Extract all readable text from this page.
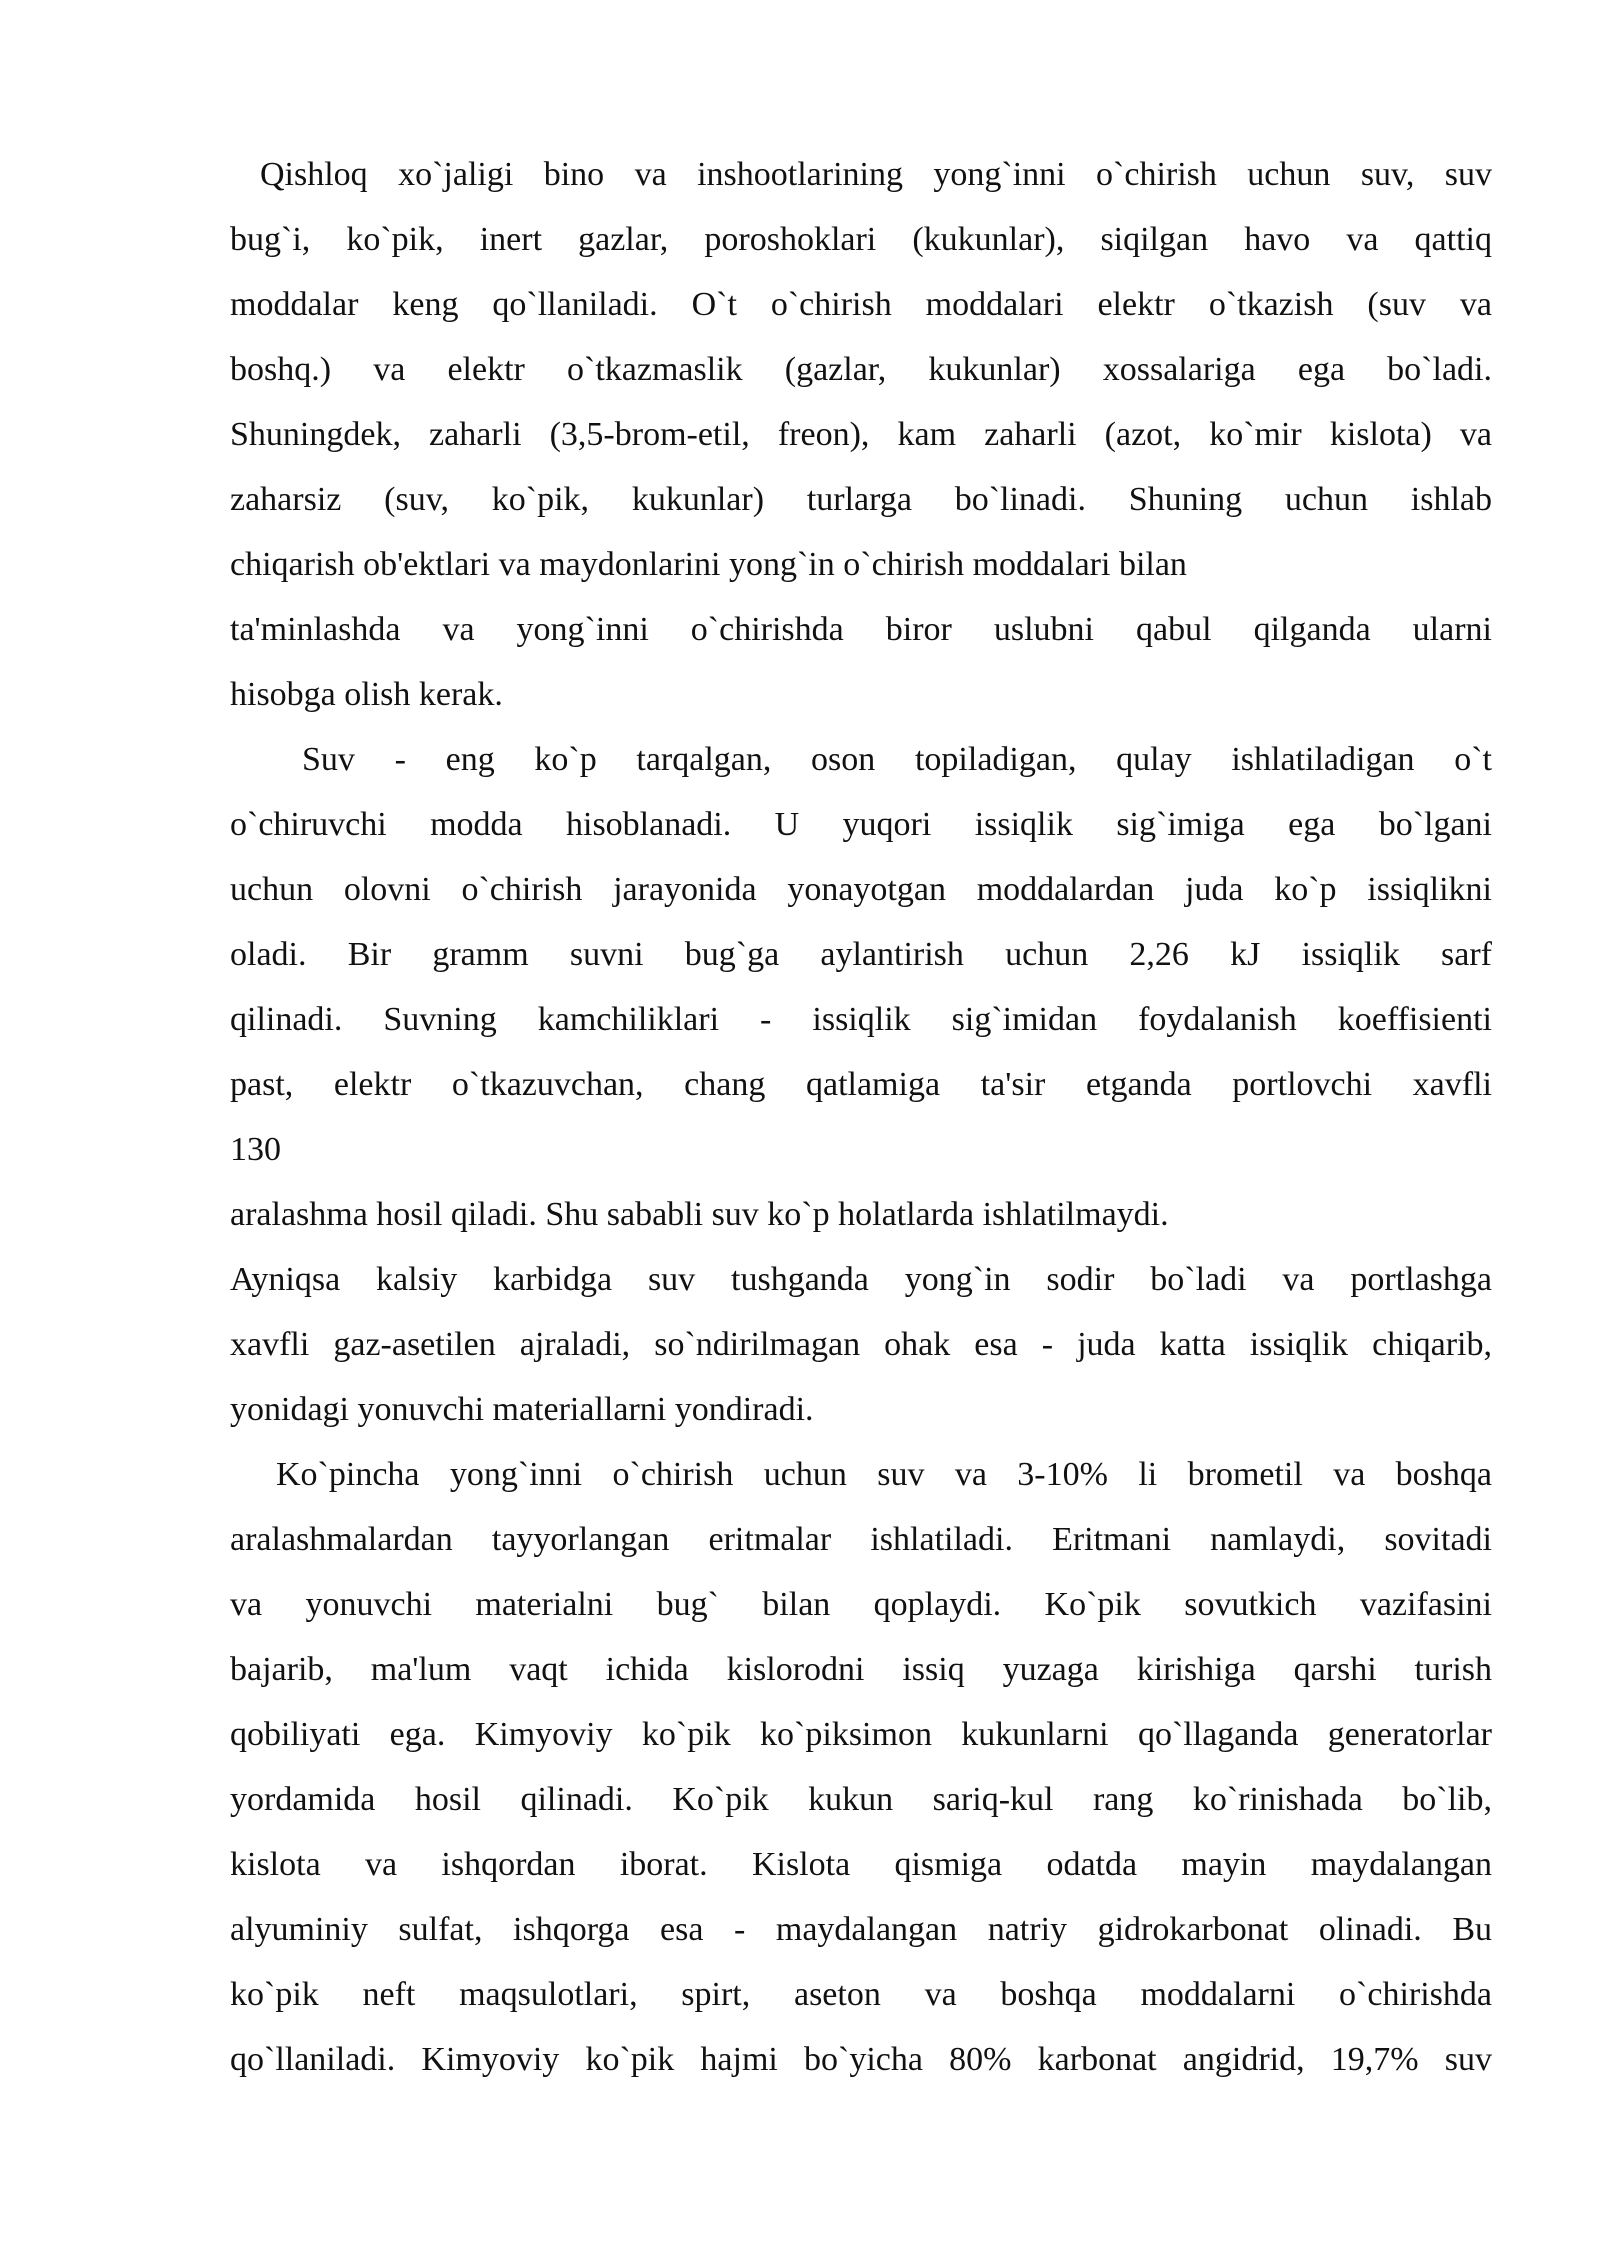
Qishloq xo`jaligi bino va inshootlarining yong`inni o`chirish uchun suv, suv

bug`i, ko`pik, inert gazlar, poroshoklari (kukunlar), siqilgan havo va qattiq

moddalar keng qo`llaniladi. O`t o`chirish moddalari elektr o`tkazish (suv va

boshq.) va elektr o`tkazmaslik (gazlar, kukunlar) xossalariga ega bo`ladi.

Shuningdek, zaharli (3,5-brom-etil, freon), kam zaharli (azot, ko`mir kislota) va

zaharsiz (suv, ko`pik, kukunlar) turlarga bo`linadi. Shuning uchun ishlab

chiqarish ob'ektlari va maydonlarini yong`in o`chirish moddalari bilan

ta'minlashda va yong`inni o`chirishda biror uslubni qabul qilganda ularni

hisobga olish kerak.

Suv - eng ko`p tarqalgan, oson topiladigan, qulay ishlatiladigan o`t

o`chiruvchi modda hisoblanadi. U yuqori issiqlik sig`imiga ega bo`lgani

uchun olovni o`chirish jarayonida yonayotgan moddalardan juda ko`p issiqlikni

oladi. Bir gramm suvni bug`ga aylantirish uchun 2,26 kJ issiqlik sarf

qilinadi. Suvning kamchiliklari - issiqlik sig`imidan foydalanish koeffisienti

past, elektr o`tkazuvchan, chang qatlamiga ta'sir etganda portlovchi xavfli

130

aralashma hosil qiladi. Shu sababli suv ko`p holatlarda ishlatilmaydi.

Ayniqsa kalsiy karbidga suv tushganda yong`in sodir bo`ladi va portlashga

xavfli gaz-asetilen ajraladi, so`ndirilmagan ohak esa - juda katta issiqlik chiqarib,

yonidagi yonuvchi materiallarni yondiradi.

Ko`pincha yong`inni o`chirish uchun suv va 3-10% li brometil va boshqa

aralashmalardan tayyorlangan eritmalar ishlatiladi. Eritmani namlaydi, sovitadi

va yonuvchi materialni bug` bilan qoplaydi. Ko`pik sovutkich vazifasini

bajarib, ma'lum vaqt ichida kislorodni issiq yuzaga kirishiga qarshi turish

qobiliyati ega. Kimyoviy ko`pik ko`piksimon kukunlarni qo`llaganda generatorlar

yordamida hosil qilinadi. Ko`pik kukun sariq-kul rang ko`rinishada bo`lib,

kislota va ishqordan iborat. Kislota qismiga odatda mayin maydalangan

alyuminiy sulfat, ishqorga esa - maydalangan natriy gidrokarbonat olinadi. Bu

ko`pik neft maqsulotlari, spirt, aseton va boshqa moddalarni o`chirishda

qo`llaniladi. Kimyoviy ko`pik hajmi bo`yicha 80% karbonat angidrid, 19,7% suv
